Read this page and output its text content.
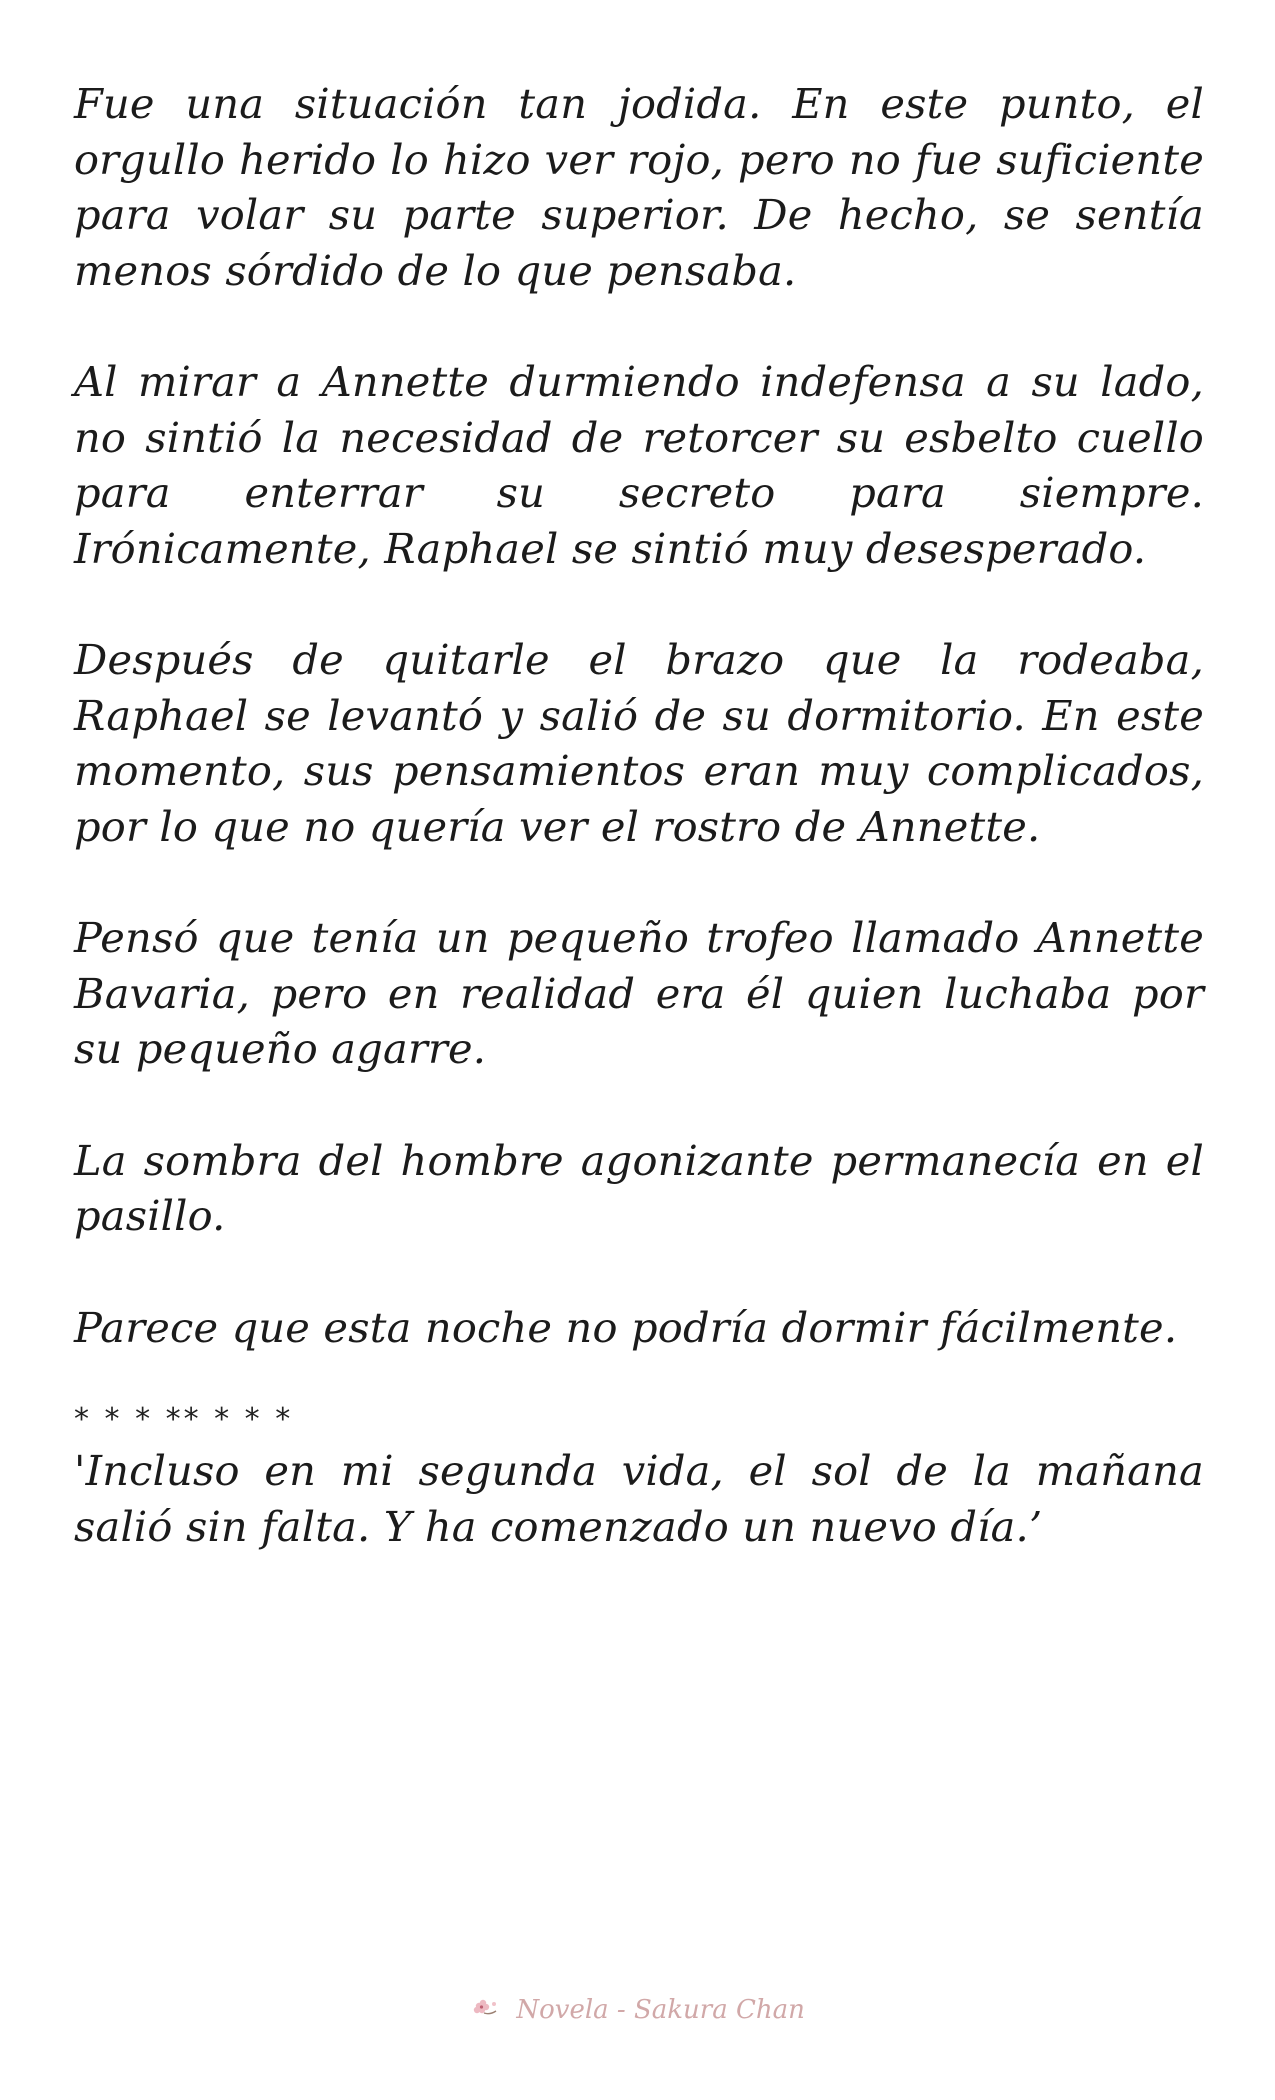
Fue una situación tan jodida. En este punto, el orgullo herido lo hizo ver rojo, pero no fue suficiente para volar su parte superior. De hecho, se sentía menos sórdido de lo que pensaba.

Al mirar a Annette durmiendo indefensa a su lado, no sintió la necesidad de retorcer su esbelto cuello para enterrar su secreto para siempre. Irónicamente, Raphael se sintió muy desesperado.

Después de quitarle el brazo que la rodeaba, Raphael se levantó y salió de su dormitorio. En este momento, sus pensamientos eran muy complicados, por lo que no quería ver el rostro de Annette.

Pensó que tenía un pequeño trofeo llamado Annette Bavaria, pero en realidad era él quien luchaba por su pequeño agarre.

La sombra del hombre agonizante permanecía en el pasillo.

Parece que esta noche no podría dormir fácilmente.

* * * ** * * *

'Incluso en mi segunda vida, el sol de la mañana salió sin falta. Y ha comenzado un nuevo día.’

Novela - Sakura Chan
